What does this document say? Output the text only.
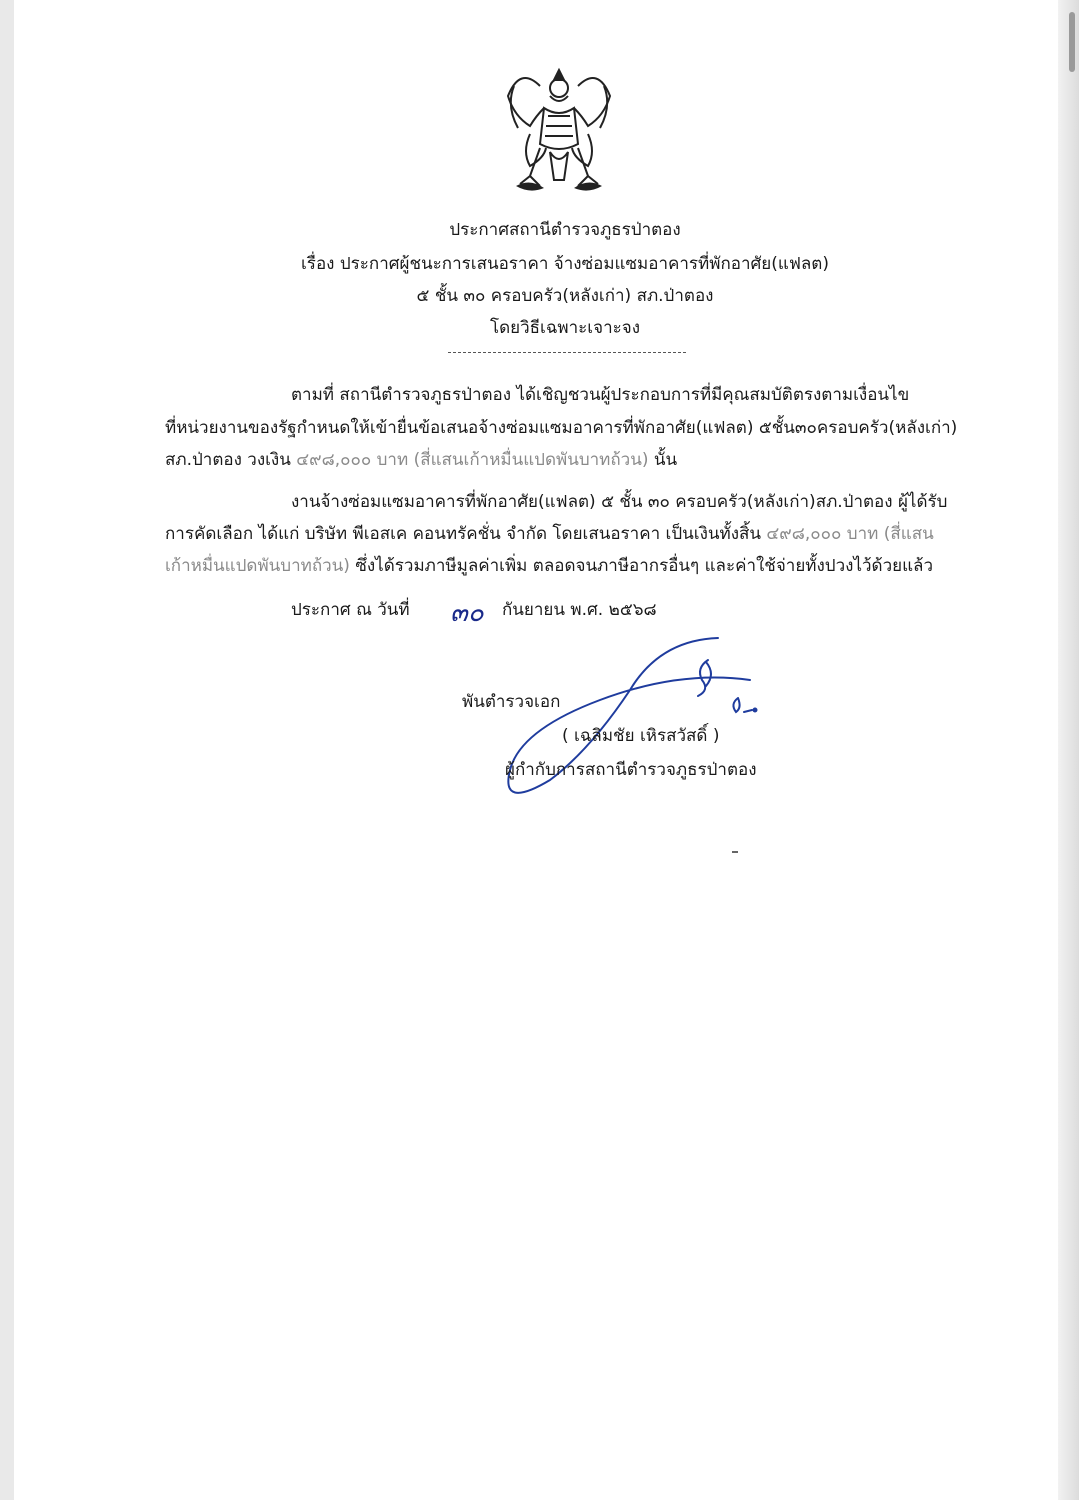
ประกาศสถานีตำรวจภูธรป่าตอง
เรื่อง ประกาศผู้ชนะการเสนอราคา จ้างซ่อมแซมอาคารที่พักอาศัย(แฟลต)
๕ ชั้น ๓๐ ครอบครัว(หลังเก่า) สภ.ป่าตอง
โดยวิธีเฉพาะเจาะจง
ตามที่ สถานีตำรวจภูธรป่าตอง ได้เชิญชวนผู้ประกอบการที่มีคุณสมบัติตรงตามเงื่อนไข
ที่หน่วยงานของรัฐกำหนดให้เข้ายื่นข้อเสนอจ้างซ่อมแซมอาคารที่พักอาศัย(แฟลต) ๕ชั้น๓๐ครอบครัว(หลังเก่า)
สภ.ป่าตอง วงเงิน ๔๙๘,๐๐๐ บาท (สี่แสนเก้าหมื่นแปดพันบาทถ้วน) นั้น
งานจ้างซ่อมแซมอาคารที่พักอาศัย(แฟลต) ๕ ชั้น ๓๐ ครอบครัว(หลังเก่า)สภ.ป่าตอง ผู้ได้รับ
การคัดเลือก ได้แก่ บริษัท พีเอสเค คอนทรัคชั่น จำกัด โดยเสนอราคา เป็นเงินทั้งสิ้น ๔๙๘,๐๐๐ บาท (สี่แสน
เก้าหมื่นแปดพันบาทถ้วน) ซึ่งได้รวมภาษีมูลค่าเพิ่ม ตลอดจนภาษีอากรอื่นๆ และค่าใช้จ่ายทั้งปวงไว้ด้วยแล้ว
ประกาศ ณ วันที่ ๓๐ กันยายน พ.ศ. ๒๕๖๘
พันตำรวจเอก
( เฉลิมชัย เหิรสวัสดิ์ )
ผู้กำกับการสถานีตำรวจภูธรป่าตอง
